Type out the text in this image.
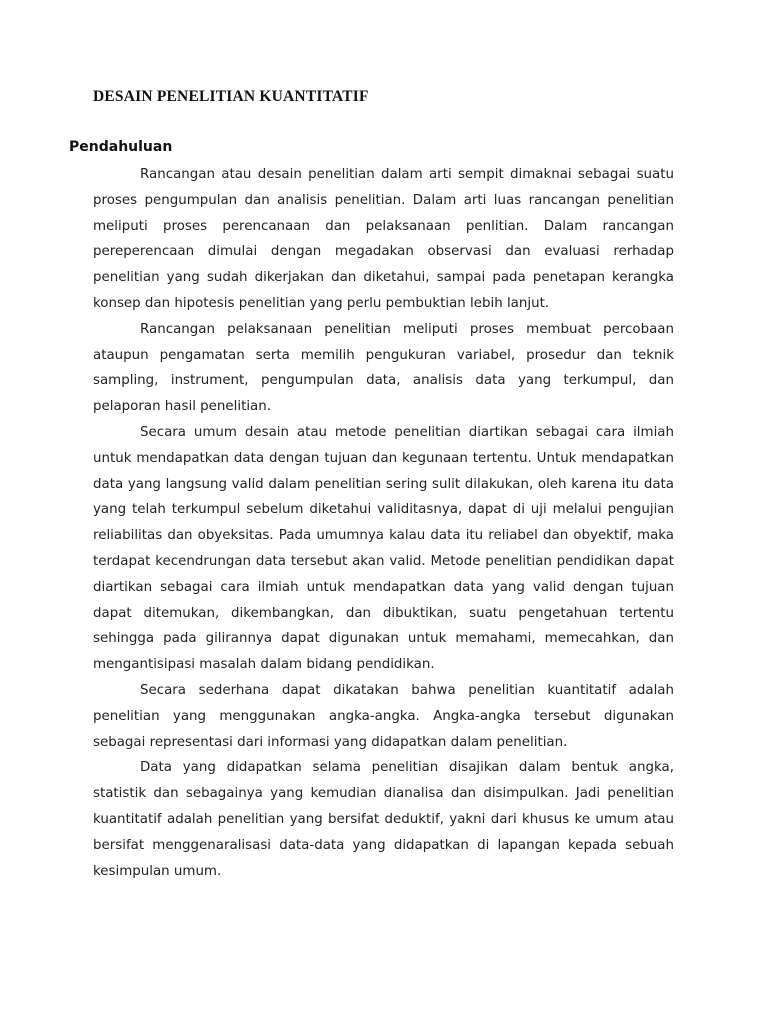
DESAIN PENELITIAN KUANTITATIF
Pendahuluan

Rancangan atau desain penelitian dalam arti sempit dimaknai sebagai suatu proses pengumpulan dan analisis penelitian. Dalam arti luas rancangan penelitian meliputi proses perencanaan dan pelaksanaan penlitian. Dalam rancangan pereperencaan dimulai dengan megadakan observasi dan evaluasi rerhadap penelitian yang sudah dikerjakan dan diketahui, sampai pada penetapan kerangka konsep dan hipotesis penelitian yang perlu pembuktian lebih lanjut.

Rancangan pelaksanaan penelitian meliputi proses membuat percobaan ataupun pengamatan serta memilih pengukuran variabel, prosedur dan teknik sampling, instrument, pengumpulan data, analisis data yang terkumpul, dan pelaporan hasil penelitian.

Secara umum desain atau metode penelitian diartikan sebagai cara ilmiah untuk mendapatkan data dengan tujuan dan kegunaan tertentu. Untuk mendapatkan data yang langsung valid dalam penelitian sering sulit dilakukan, oleh karena itu data yang telah terkumpul sebelum diketahui validitasnya, dapat di uji melalui pengujian reliabilitas dan obyeksitas. Pada umumnya kalau data itu reliabel dan obyektif, maka terdapat kecendrungan data tersebut akan valid. Metode penelitian pendidikan dapat diartikan sebagai cara ilmiah untuk mendapatkan data yang valid dengan tujuan dapat ditemukan, dikembangkan, dan dibuktikan, suatu pengetahuan tertentu sehingga pada gilirannya dapat digunakan untuk memahami, memecahkan, dan mengantisipasi masalah dalam bidang pendidikan.

Secara sederhana dapat dikatakan bahwa penelitian kuantitatif adalah penelitian yang menggunakan angka-angka. Angka-angka tersebut digunakan sebagai representasi dari informasi yang didapatkan dalam penelitian.

Data yang didapatkan selama penelitian disajikan dalam bentuk angka, statistik dan sebagainya yang kemudian dianalisa dan disimpulkan. Jadi penelitian kuantitatif adalah penelitian yang bersifat deduktif, yakni dari khusus ke umum atau bersifat menggenaralisasi data-data yang didapatkan di lapangan kepada sebuah kesimpulan umum.
